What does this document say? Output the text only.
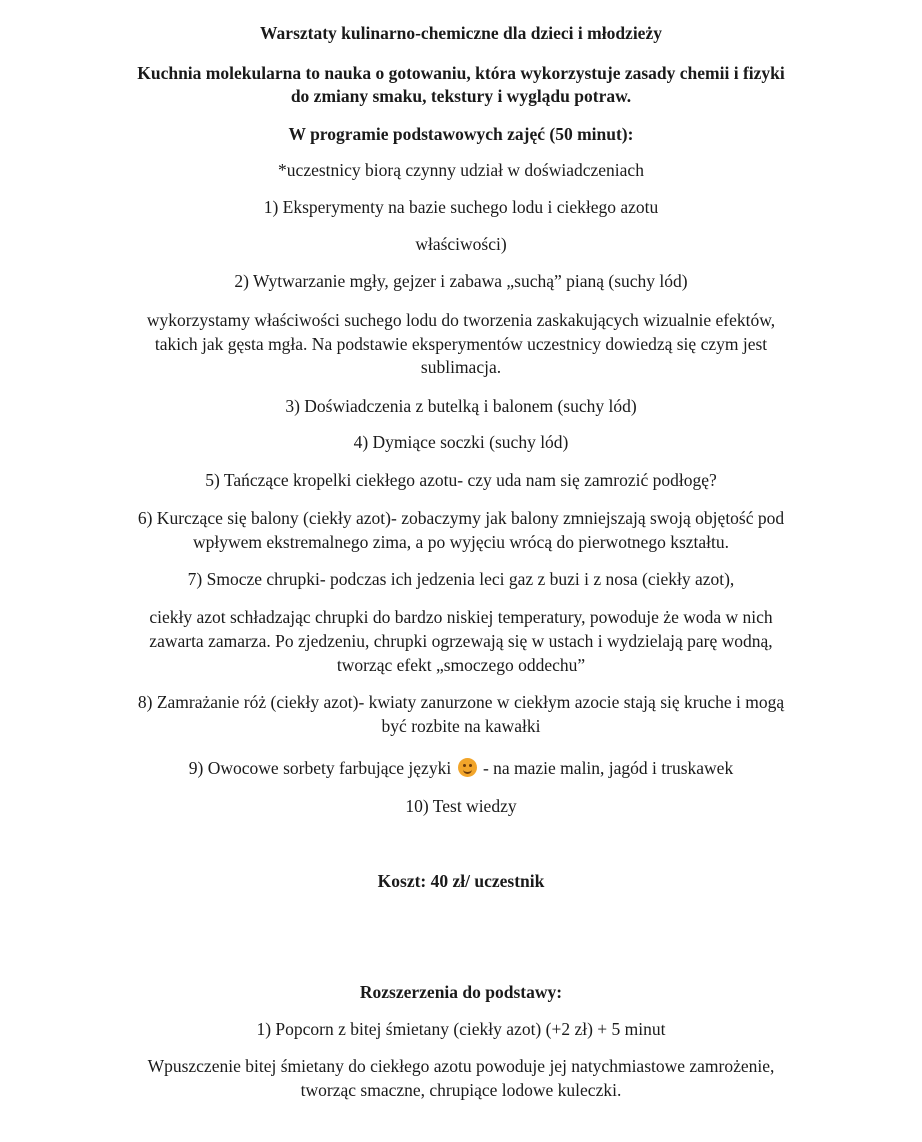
Warsztaty kulinarno-chemiczne dla dzieci i młodzieży

Kuchnia molekularna to nauka o gotowaniu, która wykorzystuje zasady chemii i fizyki

do zmiany smaku, tekstury i wyglądu potraw.

W programie podstawowych zajęć (50 minut):

*uczestnicy biorą czynny udział w doświadczeniach

1) Eksperymenty na bazie suchego lodu i ciekłego azotu

właściwości)

2) Wytwarzanie mgły, gejzer i zabawa „suchą” pianą (suchy lód)

wykorzystamy właściwości suchego lodu do tworzenia zaskakujących wizualnie efektów,

takich jak gęsta mgła. Na podstawie eksperymentów uczestnicy dowiedzą się czym jest

sublimacja.

3) Doświadczenia z butelką i balonem (suchy lód)

4) Dymiące soczki (suchy lód)

5) Tańczące kropelki ciekłego azotu- czy uda nam się zamrozić podłogę?

6) Kurczące się balony (ciekły azot)- zobaczymy jak balony zmniejszają swoją objętość pod

wpływem ekstremalnego zima, a po wyjęciu wrócą do pierwotnego kształtu.

7) Smocze chrupki- podczas ich jedzenia leci gaz z buzi i z nosa (ciekły azot),

ciekły azot schładzając chrupki do bardzo niskiej temperatury, powoduje że woda w nich

zawarta zamarza. Po zjedzeniu, chrupki ogrzewają się w ustach i wydzielają parę wodną,

tworząc efekt „smoczego oddechu”

8) Zamrażanie róż (ciekły azot)- kwiaty zanurzone w ciekłym azocie stają się kruche i mogą

być rozbite na kawałki

9) Owocowe sorbety farbujące języki  - na mazie malin, jagód i truskawek

10) Test wiedzy

Koszt: 40 zł/ uczestnik

Rozszerzenia do podstawy:

1) Popcorn z bitej śmietany (ciekły azot) (+2 zł) + 5 minut

Wpuszczenie bitej śmietany do ciekłego azotu powoduje jej natychmiastowe zamrożenie,

tworząc smaczne, chrupiące lodowe kuleczki.
